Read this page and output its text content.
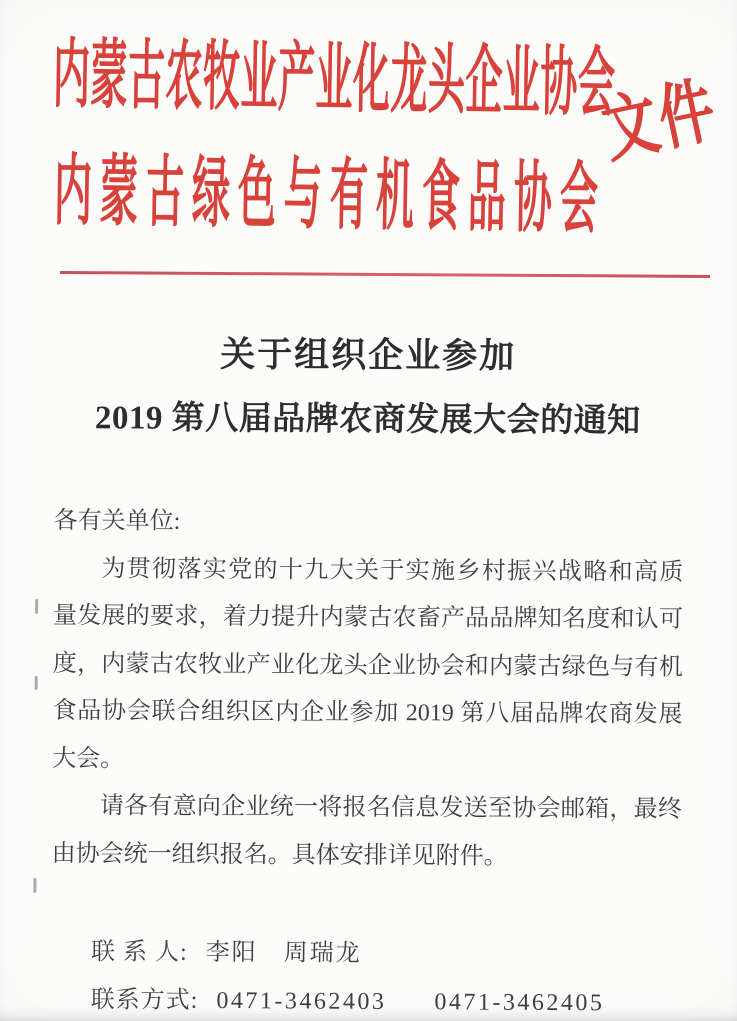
内蒙古农牧业产业化龙头企业协会
内蒙古绿色与有机食品协会
文件
关于组织企业参加
2019 第八届品牌农商发展大会的通知
各有关单位:
为贯彻落实党的十九大关于实施乡村振兴战略和高质
量发展的要求，着力提升内蒙古农畜产品品牌知名度和认可
度，内蒙古农牧业产业化龙头企业协会和内蒙古绿色与有机
食品协会联合组织区内企业参加 2019 第八届品牌农商发展
大会。
请各有意向企业统一将报名信息发送至协会邮箱，最终
由协会统一组织报名。具体安排详见附件。
联 系 人: 李阳　周瑞龙
联系方式: 0471-3462403 0471-3462405
